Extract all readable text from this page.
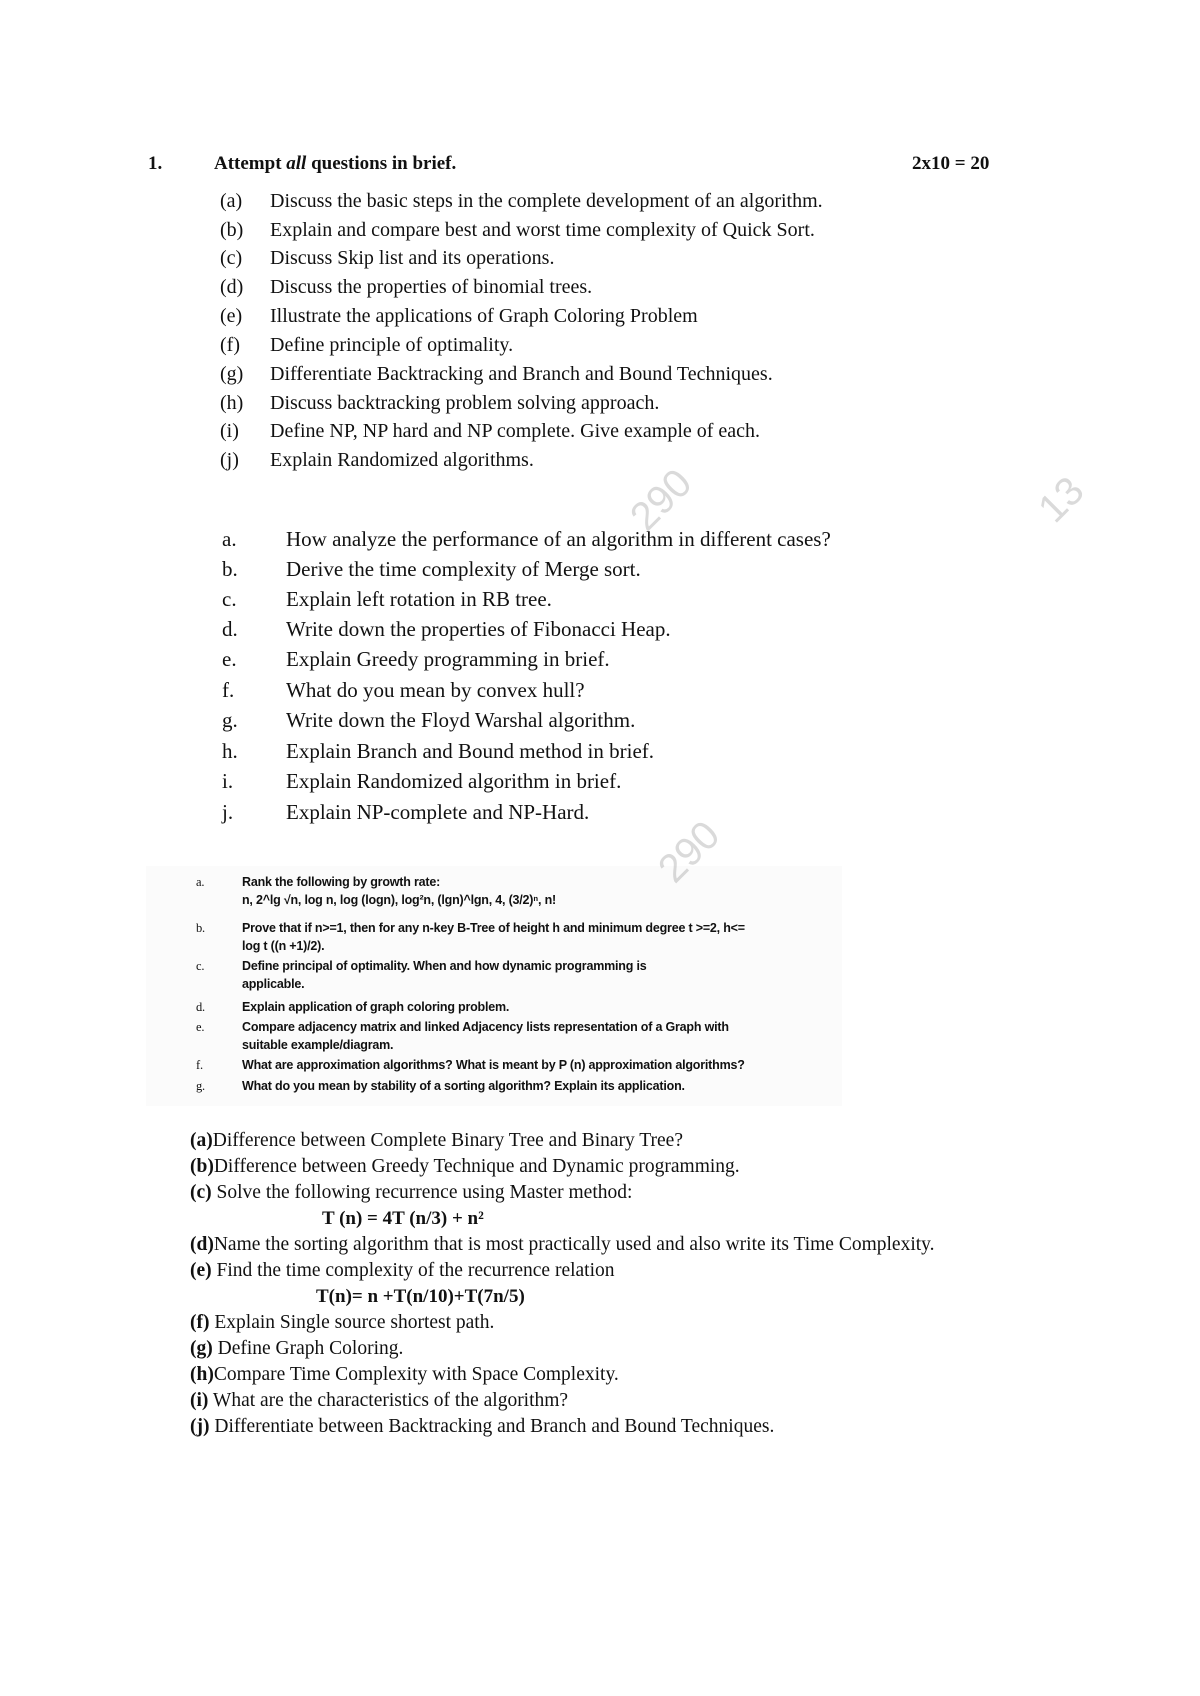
1.	Attempt all questions in brief.	2x10 = 20
(a) Discuss the basic steps in the complete development of an algorithm.
(b) Explain and compare best and worst time complexity of Quick Sort.
(c) Discuss Skip list and its operations.
(d) Discuss the properties of binomial trees.
(e) Illustrate the applications of Graph Coloring Problem
(f) Define principle of optimality.
(g) Differentiate Backtracking and Branch and Bound Techniques.
(h) Discuss backtracking problem solving approach.
(i) Define NP, NP hard and NP complete. Give example of each.
(j) Explain Randomized algorithms.
a. How analyze the performance of an algorithm in different cases?
b. Derive the time complexity of Merge sort.
c. Explain left rotation in RB tree.
d. Write down the properties of Fibonacci Heap.
e. Explain Greedy programming in brief.
f. What do you mean by convex hull?
g. Write down the Floyd Warshal algorithm.
h. Explain Branch and Bound method in brief.
i.	Explain Randomized algorithm in brief.
j.	Explain NP-complete and NP-Hard.
a.	Rank the following by growth rate:
n, 2^lg √n, log n, log (logn), log²n, (lgn)^lgn, 4, (3/2)ⁿ, n!
b.	Prove that if n>=1, then for any n-key B-Tree of height h and minimum degree t >=2, h<=
log t ((n +1)/2).
c.	Define principal of optimality. When and how dynamic programming is
applicable.
d.	Explain application of graph coloring problem.
e.	Compare adjacency matrix and linked Adjacency lists representation of a Graph with
suitable example/diagram.
f.	What are approximation algorithms? What is meant by P (n) approximation algorithms?
g.	What do you mean by stability of a sorting algorithm? Explain its application.
(a)Difference between Complete Binary Tree and Binary Tree?
(b)Difference between Greedy Technique and Dynamic programming.
(c) Solve the following recurrence using Master method:
T (n) = 4T (n/3) + n²
(d)Name the sorting algorithm that is most practically used and also write its Time Complexity.
(e) Find the time complexity of the recurrence relation
T(n)= n +T(n/10)+T(7n/5)
(f) Explain Single source shortest path.
(g) Define Graph Coloring.
(h)Compare Time Complexity with Space Complexity.
(i) What are the characteristics of the algorithm?
(j) Differentiate between Backtracking and Branch and Bound Techniques.
290
290
13
